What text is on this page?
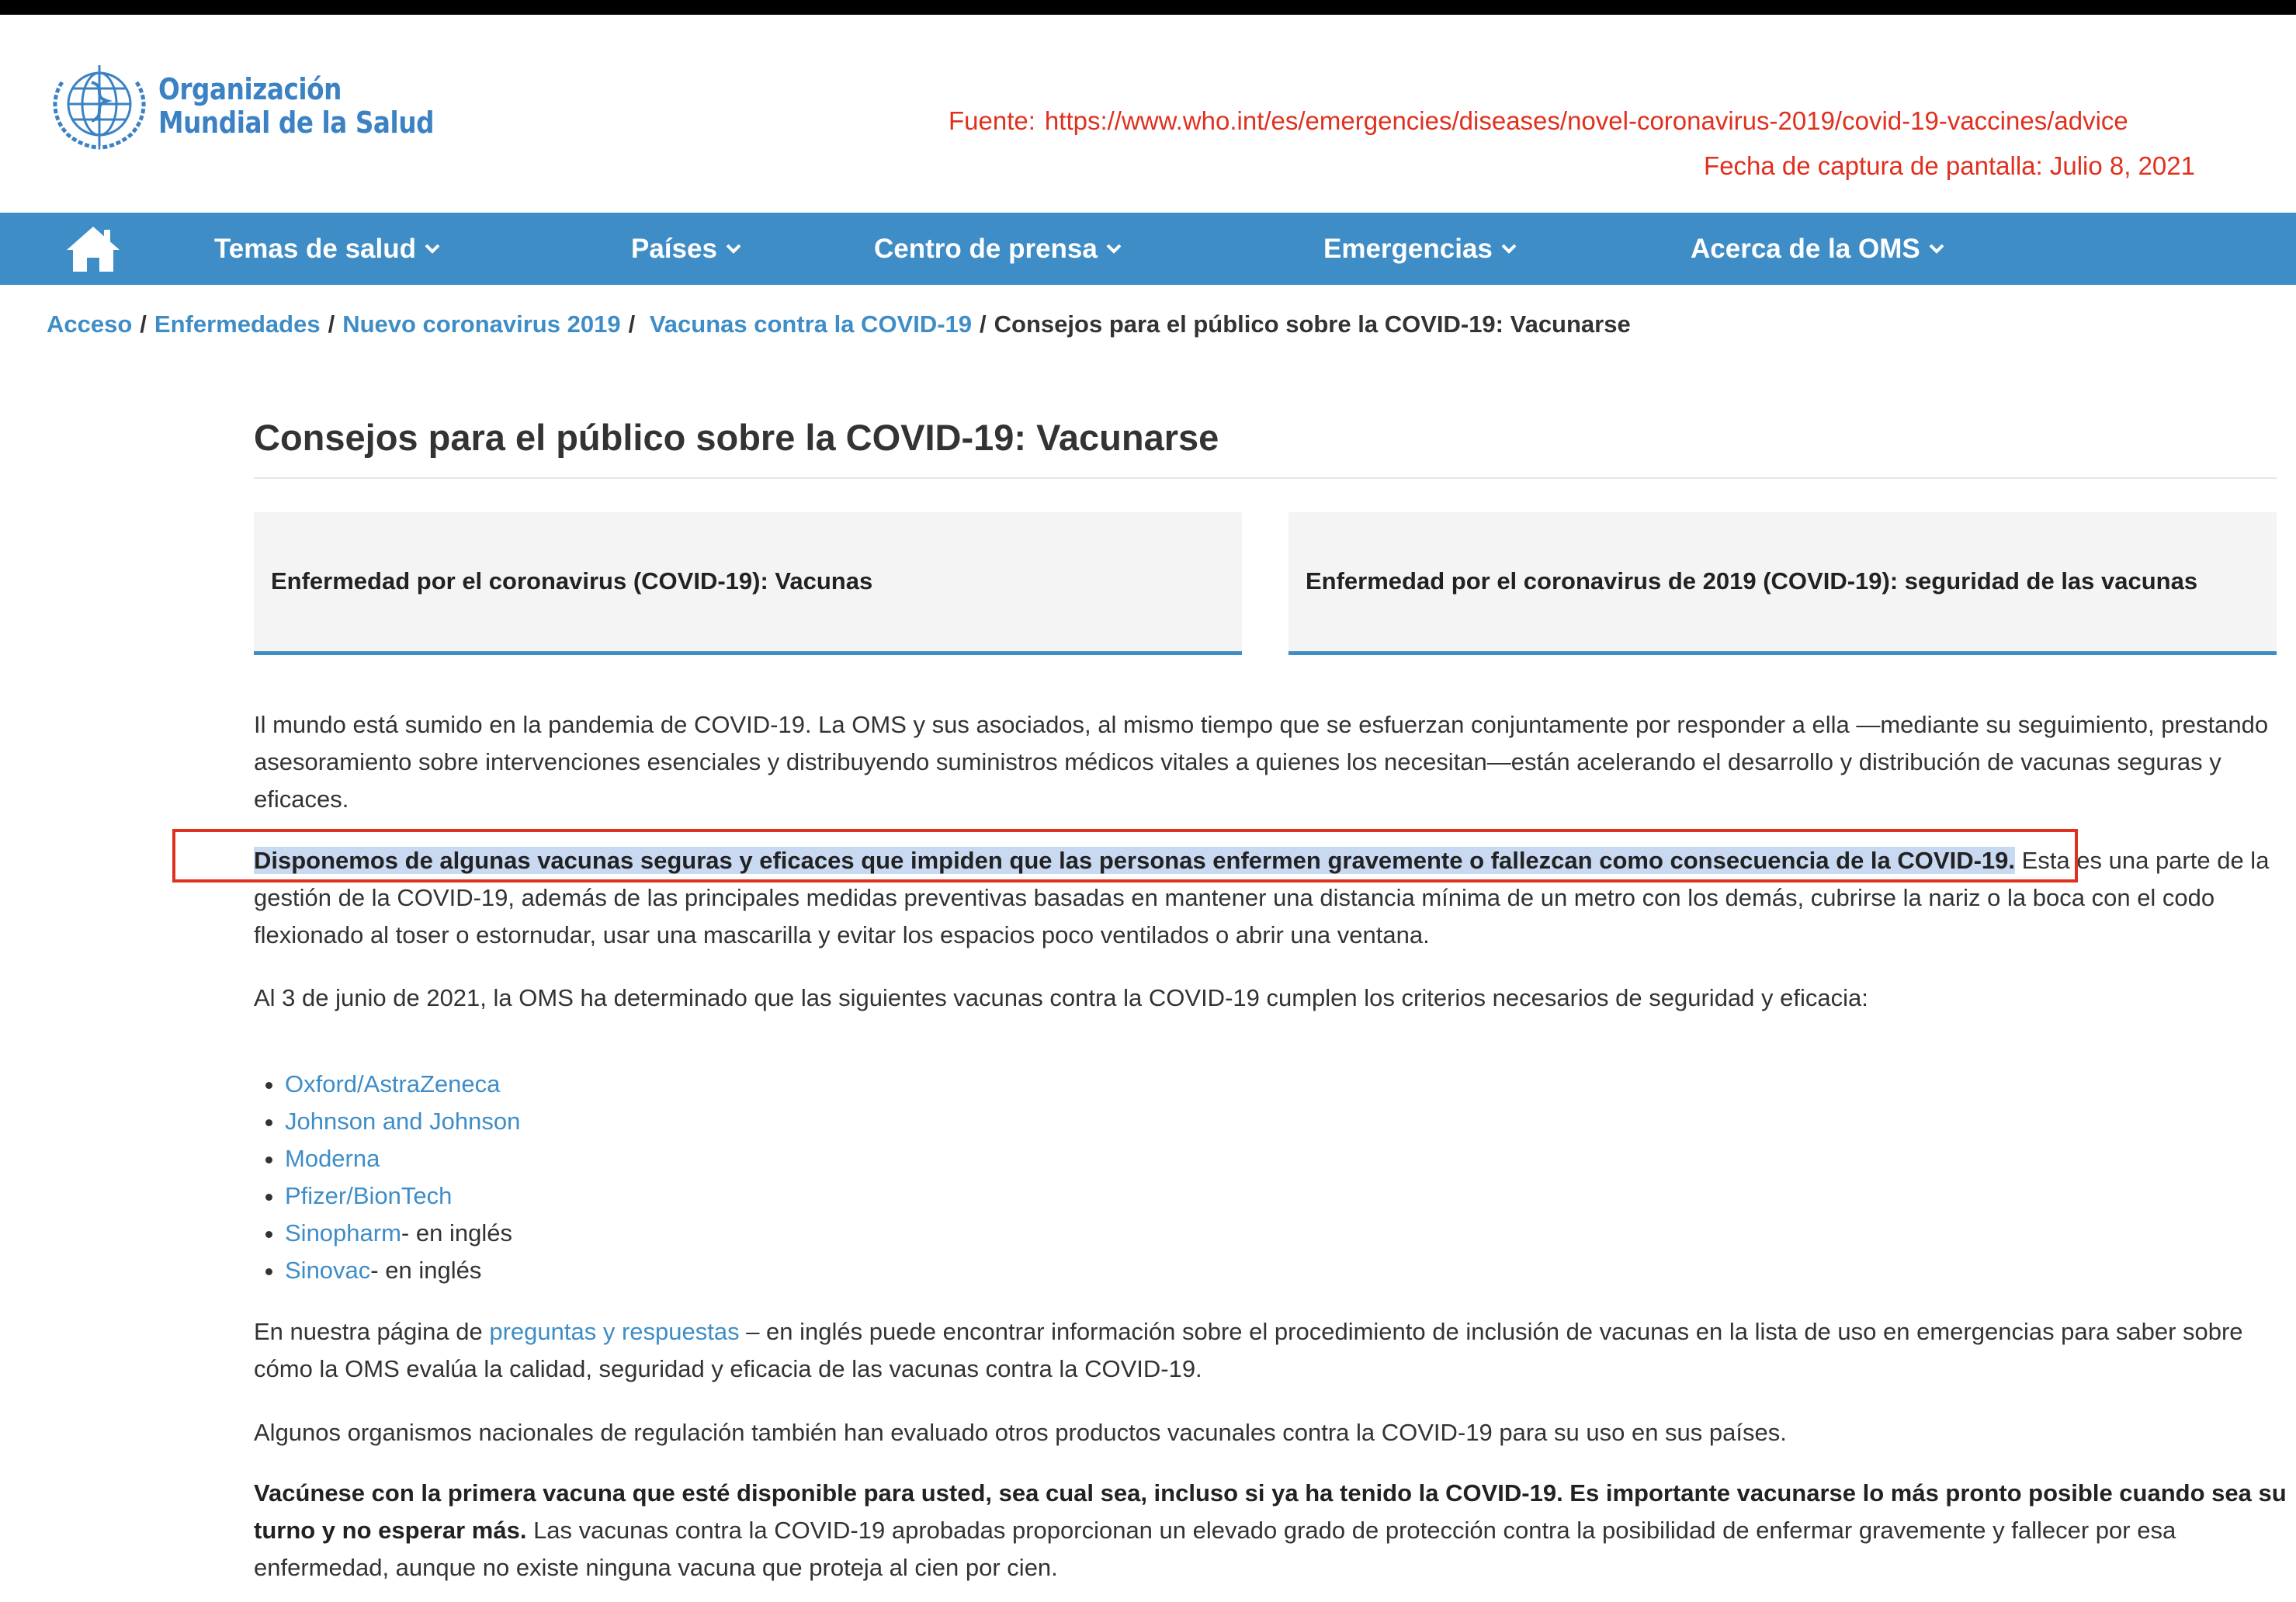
Organización
Mundial de la Salud	Fuente: https://www.who.int/es/emergencies/diseases/novel-coronavirus-2019/covid-19-vaccines/advice
Fecha de captura de pantalla: Julio 8, 2021
Temas de salud	Países	Centro de prensa	Emergencias	Acerca de la OMS
Acceso / Enfermedades / Nuevo coronavirus 2019 / Vacunas contra la COVID-19 / Consejos para el público sobre la COVID-19: Vacunarse
Consejos para el público sobre la COVID-19: Vacunarse
Enfermedad por el coronavirus (COVID-19): Vacunas	Enfermedad por el coronavirus de 2019 (COVID-19): seguridad de las vacunas

Il mundo está sumido en la pandemia de COVID-19. La OMS y sus asociados, al mismo tiempo que se esfuerzan conjuntamente por responder a ella —mediante su seguimiento, prestando asesoramiento sobre intervenciones esenciales y distribuyendo suministros médicos vitales a quienes los necesitan—están acelerando el desarrollo y distribución de vacunas seguras y eficaces.

Disponemos de algunas vacunas seguras y eficaces que impiden que las personas enfermen gravemente o fallezcan como consecuencia de la COVID-19. Esta es una parte de la gestión de la COVID-19, además de las principales medidas preventivas basadas en mantener una distancia mínima de un metro con los demás, cubrirse la nariz o la boca con el codo flexionado al toser o estornudar, usar una mascarilla y evitar los espacios poco ventilados o abrir una ventana.

Al 3 de junio de 2021, la OMS ha determinado que las siguientes vacunas contra la COVID-19 cumplen los criterios necesarios de seguridad y eficacia:

• Oxford/AstraZeneca
• Johnson and Johnson
• Moderna
• Pfizer/BionTech
• Sinopharm- en inglés
• Sinovac- en inglés

En nuestra página de preguntas y respuestas – en inglés puede encontrar información sobre el procedimiento de inclusión de vacunas en la lista de uso en emergencias para saber sobre cómo la OMS evalúa la calidad, seguridad y eficacia de las vacunas contra la COVID-19.

Algunos organismos nacionales de regulación también han evaluado otros productos vacunales contra la COVID-19 para su uso en sus países.

Vacúnese con la primera vacuna que esté disponible para usted, sea cual sea, incluso si ya ha tenido la COVID-19. Es importante vacunarse lo más pronto posible cuando sea su turno y no esperar más. Las vacunas contra la COVID-19 aprobadas proporcionan un elevado grado de protección contra la posibilidad de enfermar gravemente y fallecer por esa enfermedad, aunque no existe ninguna vacuna que proteja al cien por cien.
